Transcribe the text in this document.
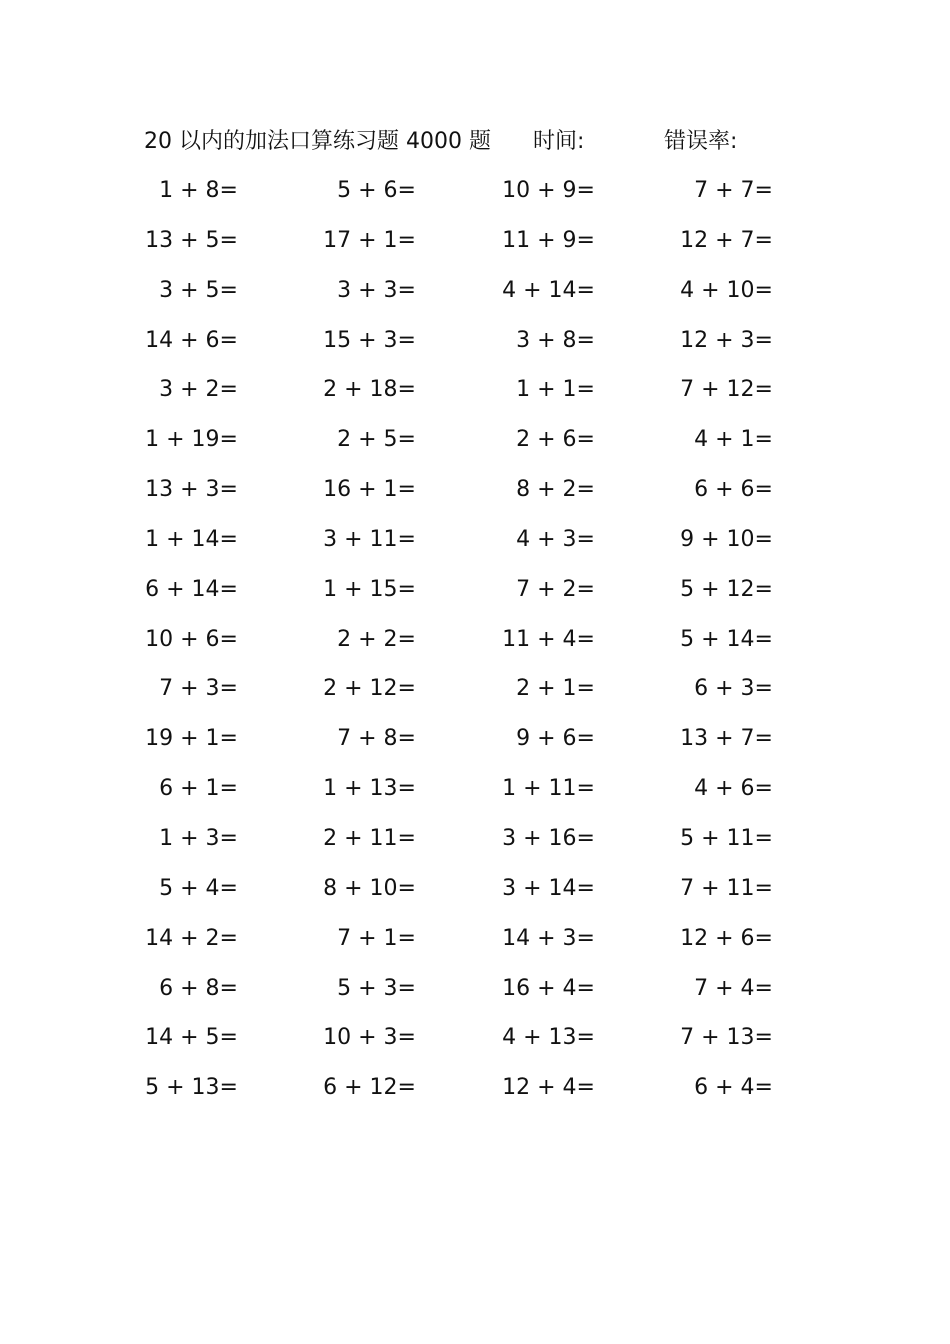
20 以内的加法口算练习题 4000 题 时间:	错误率:
1 + 8=	5 + 6=	10 + 9=	7 + 7=
13 + 5=	17 + 1=	11 + 9=	12 + 7=
3 + 5=	3 + 3=	4 + 14=	4 + 10=
14 + 6=	15 + 3=	3 + 8=	12 + 3=
3 + 2=	2 + 18=	1 + 1=	7 + 12=
1 + 19=	2 + 5=	2 + 6=	4 + 1=
13 + 3=	16 + 1=	8 + 2=	6 + 6=
1 + 14=	3 + 11=	4 + 3=	9 + 10=
6 + 14=	1 + 15=	7 + 2=	5 + 12=
10 + 6=	2 + 2=	11 + 4=	5 + 14=
7 + 3=	2 + 12=	2 + 1=	6 + 3=
19 + 1=	7 + 8=	9 + 6=	13 + 7=
6 + 1=	1 + 13=	1 + 11=	4 + 6=
1 + 3=	2 + 11=	3 + 16=	5 + 11=
5 + 4=	8 + 10=	3 + 14=	7 + 11=
14 + 2=	7 + 1=	14 + 3=	12 + 6=
6 + 8=	5 + 3=	16 + 4=	7 + 4=
14 + 5=	10 + 3=	4 + 13=	7 + 13=
5 + 13=	6 + 12=	12 + 4=	6 + 4=
